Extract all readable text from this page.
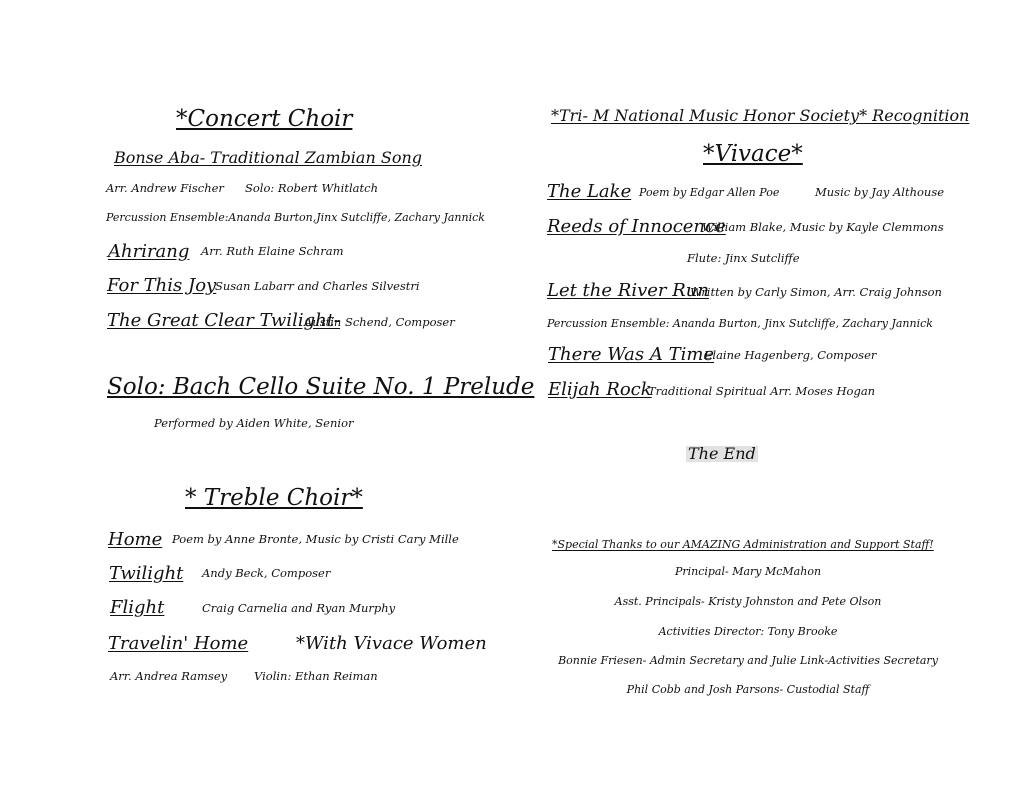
*Concert Choir

Bonse Aba- Traditional Zambian Song

Arr. Andrew Fischer Solo: Robert Whitlatch

Percussion Ensemble:Ananda Burton,Jinx Sutcliffe, Zachary Jannick

Ahrirang Arr. Ruth Elaine Schram

For This Joy

Susan Labarr and Charles Silvestri

The Great Clear Twilight-

Austin Schend, Composer

Solo: Bach Cello Suite No. 1 Prelude

Performed by Aiden White, Senior

* Treble Choir*

Home Poem by Anne Bronte, Music by Cristi Cary Mille

Twilight Andy Beck, Composer

Flight	Craig Carnelia and Ryan Murphy

Travelin' Home	*With Vivace Women

Arr. Andrea Ramsey Violin: Ethan Reiman

*Tri- M National Music Honor Society* Recognition

*Vivace*

The Lake Poem by Edgar Allen Poe	Music by Jay Althouse

Reeds of Innocence

William Blake, Music by Kayle Clemmons

Flute: Jinx Sutcliffe

Let the River Run

Written by Carly Simon, Arr. Craig Johnson

Percussion Ensemble: Ananda Burton, Jinx Sutcliffe, Zachary Jannick

There Was A Time

Elaine Hagenberg, Composer

Elijah Rock

Traditional Spiritual Arr. Moses Hogan

The End

*Special Thanks to our AMAZING Administration and Support Staff!

Principal- Mary McMahon

Asst. Principals- Kristy Johnston and Pete Olson

Activities Director: Tony Brooke

Bonnie Friesen- Admin Secretary and Julie Link-Activities Secretary

Phil Cobb and Josh Parsons- Custodial Staff
